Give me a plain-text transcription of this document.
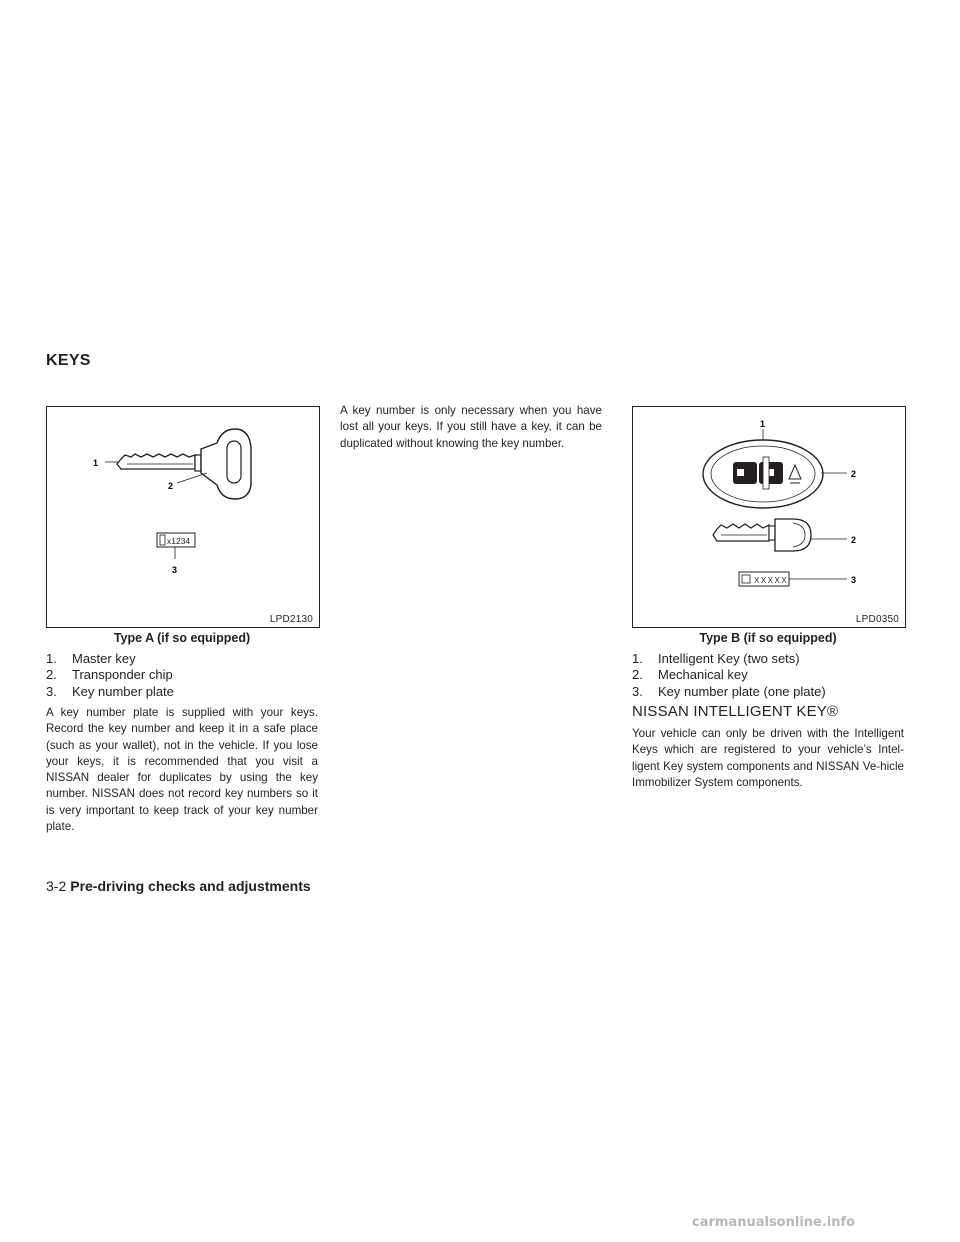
KEYS
x1234
1
2
3
LPD2130
Type A (if so equipped)
1.	Master key
2.	Transponder chip
3.	Key number plate
A key number plate is supplied with your keys. Record the key number and keep it in a safe place (such as your wallet), not in the vehicle. If you lose your keys, it is recommended that you visit a NISSAN dealer for duplicates by using the key number. NISSAN does not record key numbers so it is very important to keep track of your key number plate.
A key number is only necessary when you have lost all your keys. If you still have a key, it can be duplicated without knowing the key number.
XXXXX
1
2
2
3
LPD0350
Type B (if so equipped)
1.	Intelligent Key (two sets)
2.	Mechanical key
3.	Key number plate (one plate)
NISSAN INTELLIGENT KEY®
Your vehicle can only be driven with the Intelligent Keys which are registered to your vehicle’s Intel-ligent Key system components and NISSAN Ve-hicle Immobilizer System components.
3-2 Pre-driving checks and adjustments
carmanualsonline.info
